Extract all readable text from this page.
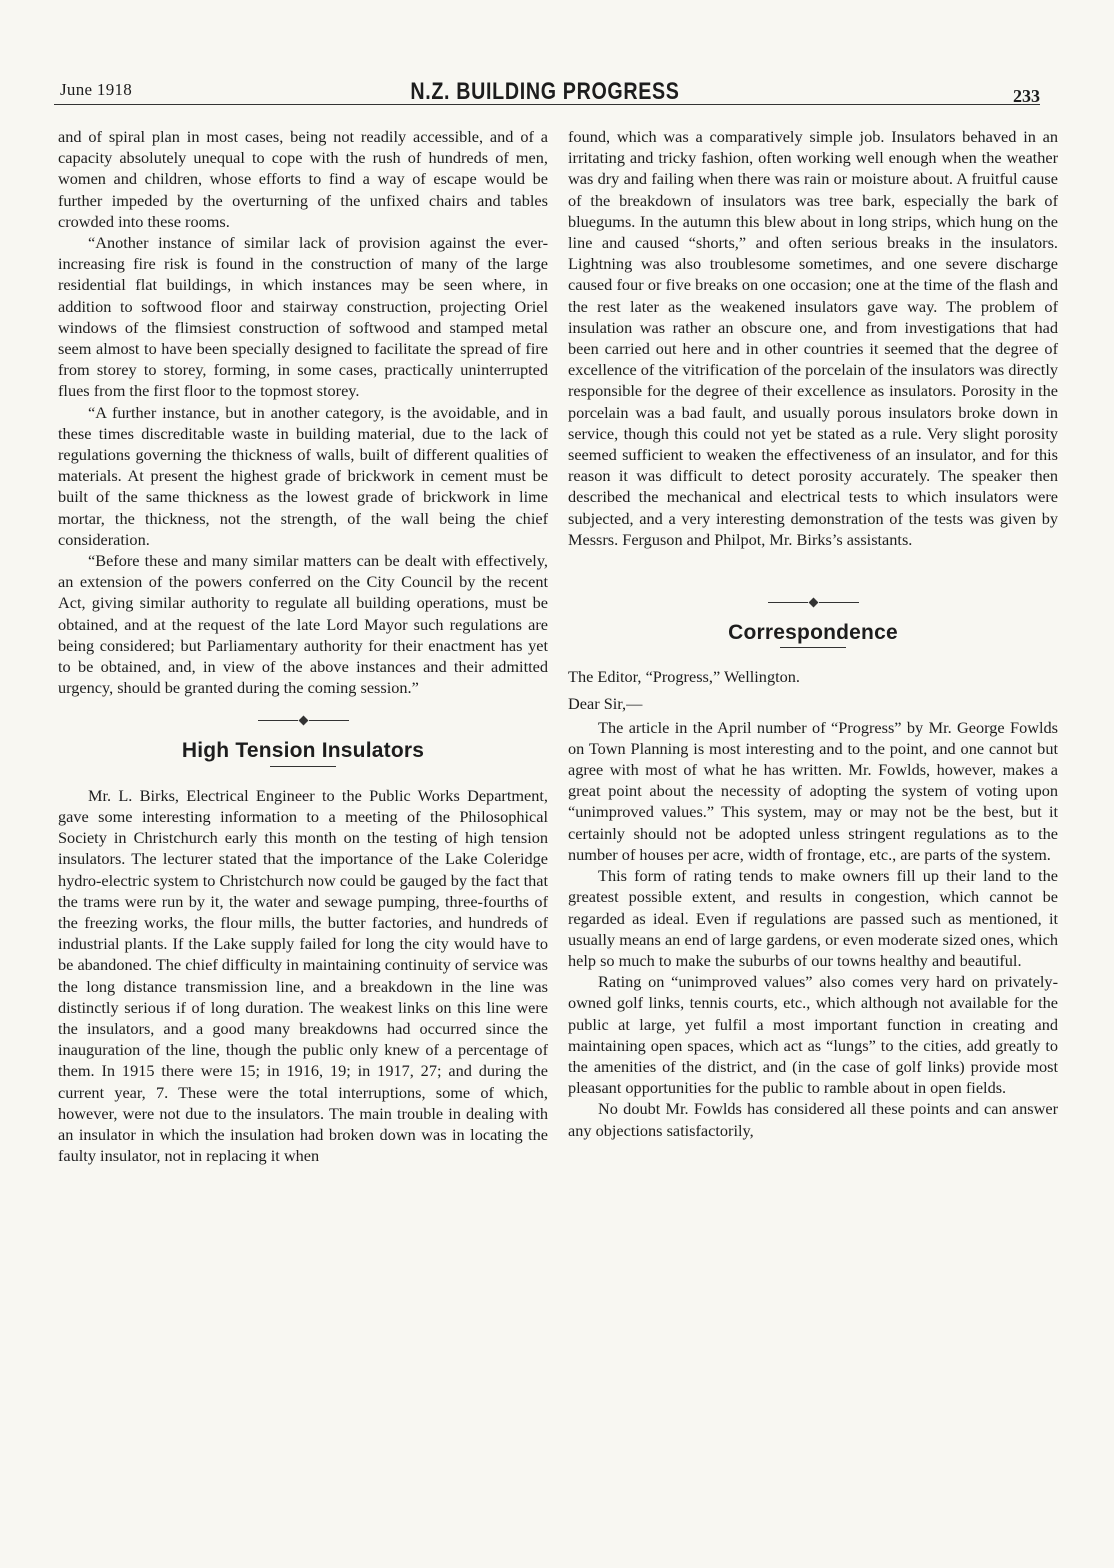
June 1918	N.Z. BUILDING PROGRESS	233

and of spiral plan in most cases, being not readily accessible, and of a capacity absolutely unequal to cope with the rush of hundreds of men, women and children, whose efforts to find a way of escape would be further impeded by the overturning of the unfixed chairs and tables crowded into these rooms.

“Another instance of similar lack of provision against the ever-increasing fire risk is found in the construction of many of the large residential flat buildings, in which instances may be seen where, in addition to softwood floor and stairway construction, projecting Oriel windows of the flimsiest construction of softwood and stamped metal seem almost to have been specially designed to facilitate the spread of fire from storey to storey, forming, in some cases, practically uninterrupted flues from the first floor to the topmost storey.

“A further instance, but in another category, is the avoidable, and in these times discreditable waste in building material, due to the lack of regulations governing the thickness of walls, built of different qualities of materials. At present the highest grade of brickwork in cement must be built of the same thickness as the lowest grade of brickwork in lime mortar, the thickness, not the strength, of the wall being the chief consideration.

“Before these and many similar matters can be dealt with effectively, an extension of the powers conferred on the City Council by the recent Act, giving similar authority to regulate all building operations, must be obtained, and at the request of the late Lord Mayor such regulations are being considered; but Parliamentary authority for their enactment has yet to be obtained, and, in view of the above instances and their admitted urgency, should be granted during the coming session.”

High Tension Insulators

Mr. L. Birks, Electrical Engineer to the Public Works Department, gave some interesting information to a meeting of the Philosophical Society in Christchurch early this month on the testing of high tension insulators. The lecturer stated that the importance of the Lake Coleridge hydro-electric system to Christchurch now could be gauged by the fact that the trams were run by it, the water and sewage pumping, three-fourths of the freezing works, the flour mills, the butter factories, and hundreds of industrial plants. If the Lake supply failed for long the city would have to be abandoned. The chief difficulty in maintaining continuity of service was the long distance transmission line, and a breakdown in the line was distinctly serious if of long duration. The weakest links on this line were the insulators, and a good many breakdowns had occurred since the inauguration of the line, though the public only knew of a percentage of them. In 1915 there were 15; in 1916, 19; in 1917, 27; and during the current year, 7. These were the total interruptions, some of which, however, were not due to the insulators. The main trouble in dealing with an insulator in which the insulation had broken down was in locating the faulty insulator, not in replacing it when

found, which was a comparatively simple job. Insulators behaved in an irritating and tricky fashion, often working well enough when the weather was dry and failing when there was rain or moisture about. A fruitful cause of the breakdown of insulators was tree bark, especially the bark of bluegums. In the autumn this blew about in long strips, which hung on the line and caused “shorts,” and often serious breaks in the insulators. Lightning was also troublesome sometimes, and one severe discharge caused four or five breaks on one occasion; one at the time of the flash and the rest later as the weakened insulators gave way. The problem of insulation was rather an obscure one, and from investigations that had been carried out here and in other countries it seemed that the degree of excellence of the vitrification of the porcelain of the insulators was directly responsible for the degree of their excellence as insulators. Porosity in the porcelain was a bad fault, and usually porous insulators broke down in service, though this could not yet be stated as a rule. Very slight porosity seemed sufficient to weaken the effectiveness of an insulator, and for this reason it was difficult to detect porosity accurately. The speaker then described the mechanical and electrical tests to which insulators were subjected, and a very interesting demonstration of the tests was given by Messrs. Ferguson and Philpot, Mr. Birks’s assistants.

Correspondence

The Editor, “Progress,” Wellington.

Dear Sir,—

The article in the April number of “Progress” by Mr. George Fowlds on Town Planning is most interesting and to the point, and one cannot but agree with most of what he has written. Mr. Fowlds, however, makes a great point about the necessity of adopting the system of voting upon “unimproved values.” This system, may or may not be the best, but it certainly should not be adopted unless stringent regulations as to the number of houses per acre, width of frontage, etc., are parts of the system.

This form of rating tends to make owners fill up their land to the greatest possible extent, and results in congestion, which cannot be regarded as ideal. Even if regulations are passed such as mentioned, it usually means an end of large gardens, or even moderate sized ones, which help so much to make the suburbs of our towns healthy and beautiful.

Rating on “unimproved values” also comes very hard on privately-owned golf links, tennis courts, etc., which although not available for the public at large, yet fulfil a most important function in creating and maintaining open spaces, which act as “lungs” to the cities, add greatly to the amenities of the district, and (in the case of golf links) provide most pleasant opportunities for the public to ramble about in open fields.

No doubt Mr. Fowlds has considered all these points and can answer any objections satisfactorily,
